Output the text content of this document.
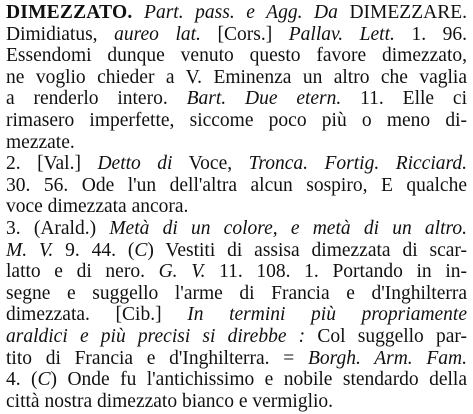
DIMEZZATO. Part. pass. e Agg. Da DIMEZZARE.
Dimidiatus, aureo lat. [Cors.] Pallav. Lett. 1. 96.
Essendomi dunque venuto questo favore dimezzato,
ne voglio chieder a V. Eminenza un altro che vaglia
a renderlo intero. Bart. Due etern. 11. Elle ci
rimasero imperfette, siccome poco più o meno di-
mezzate.
2. [Val.] Detto di Voce, Tronca. Fortig. Ricciard.
30. 56. Ode l'un dell'altra alcun sospiro, E qualche
voce dimezzata ancora.
3. (Arald.) Metà di un colore, e metà di un altro.
M. V. 9. 44. (C) Vestiti di assisa dimezzata di scar-
latto e di nero. G. V. 11. 108. 1. Portando in in-
segne e suggello l'arme di Francia e d'Inghilterra
dimezzata. [Cib.] In termini più propriamente
araldici e più precisi si direbbe : Col suggello par-
tito di Francia e d'Inghilterra. = Borgh. Arm. Fam.
4. (C) Onde fu l'antichissimo e nobile stendardo della
città nostra dimezzato bianco e vermiglio.
